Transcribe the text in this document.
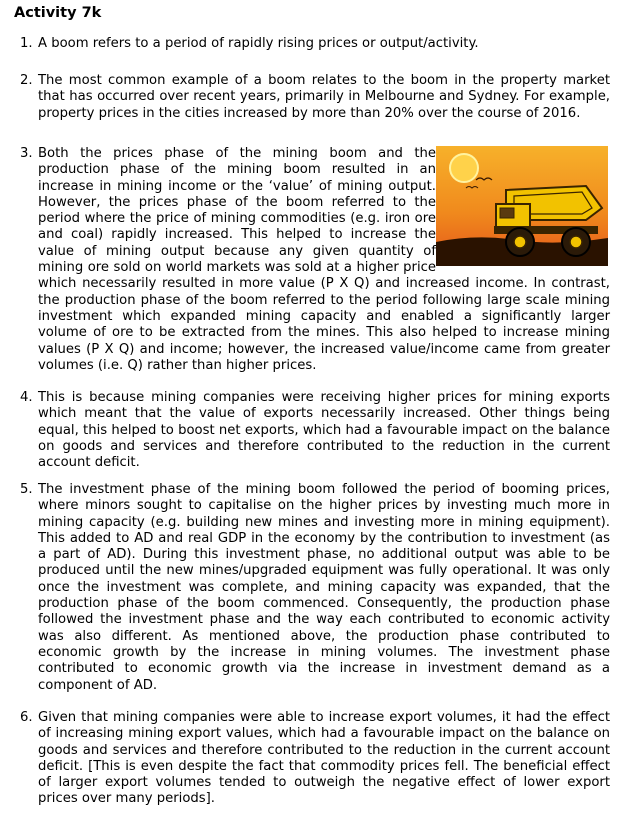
Activity 7k
1. A boom refers to a period of rapidly rising prices or output/activity.
2. The most common example of a boom relates to the boom in the property market that has occurred over recent years, primarily in Melbourne and Sydney. For example, property prices in the cities increased by more than 20% over the course of 2016.
3. Both the prices phase of the mining boom and the production phase of the mining boom resulted in an increase in mining income or the ‘value’ of mining output. However, the prices phase of the boom referred to the period where the price of mining commodities (e.g. iron ore and coal) rapidly increased. This helped to increase the value of mining output because any given quantity of mining ore sold on world markets was sold at a higher price which necessarily resulted in more value (P X Q) and increased income. In contrast, the production phase of the boom referred to the period following large scale mining investment which expanded mining capacity and enabled a significantly larger volume of ore to be extracted from the mines. This also helped to increase mining values (P X Q) and income; however, the increased value/income came from greater volumes (i.e. Q) rather than higher prices.
4. This is because mining companies were receiving higher prices for mining exports which meant that the value of exports necessarily increased. Other things being equal, this helped to boost net exports, which had a favourable impact on the balance on goods and services and therefore contributed to the reduction in the current account deficit.
5. The investment phase of the mining boom followed the period of booming prices, where minors sought to capitalise on the higher prices by investing much more in mining capacity (e.g. building new mines and investing more in mining equipment). This added to AD and real GDP in the economy by the contribution to investment (as a part of AD). During this investment phase, no additional output was able to be produced until the new mines/upgraded equipment was fully operational. It was only once the investment was complete, and mining capacity was expanded, that the production phase of the boom commenced. Consequently, the production phase followed the investment phase and the way each contributed to economic activity was also different. As mentioned above, the production phase contributed to economic growth by the increase in mining volumes. The investment phase contributed to economic growth via the increase in investment demand as a component of AD.
6. Given that mining companies were able to increase export volumes, it had the effect of increasing mining export values, which had a favourable impact on the balance on goods and services and therefore contributed to the reduction in the current account deficit. [This is even despite the fact that commodity prices fell. The beneficial effect of larger export volumes tended to outweigh the negative effect of lower export prices over many periods].
